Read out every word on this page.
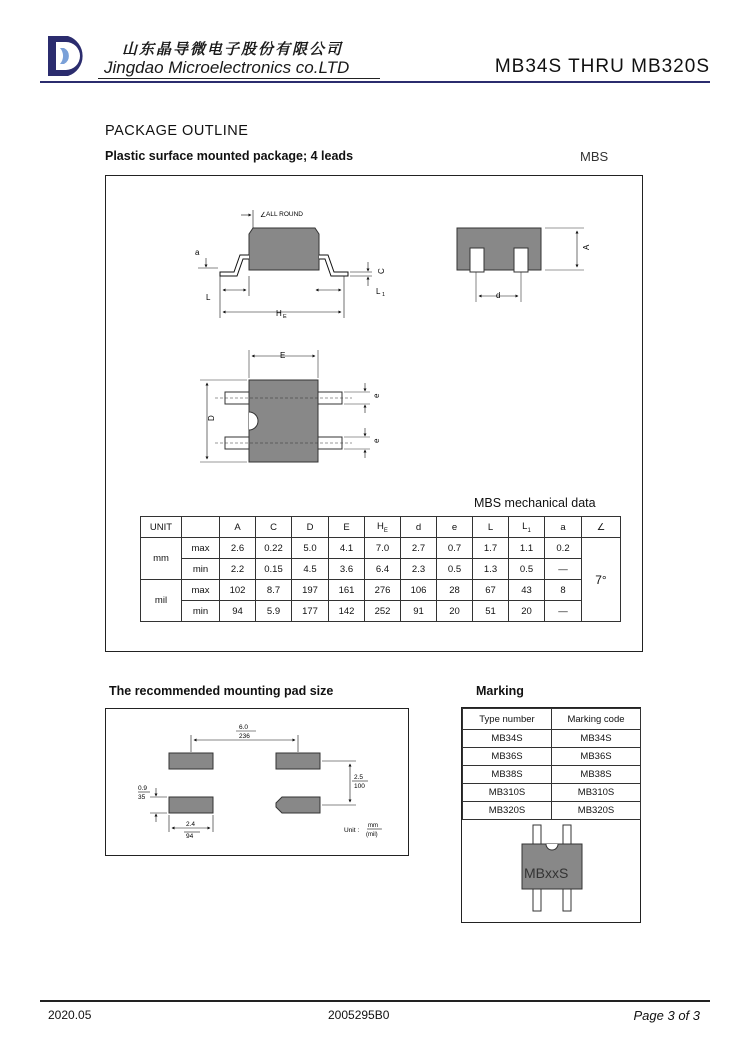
山东晶导微电子股份有限公司
Jingdao Microelectronics co.LTD	MB34S THRU MB320S
PACKAGE OUTLINE
Plastic surface mounted package; 4 leads	MBS
ALL ROUND
∠
a
L
C
L 1
H E
A
d
E
D
e
e
MBS mechanical data
UNIT		A	C	D	E	$H_E$	d	e	L	$L_1$	a	∠
mm	max	2.6	0.22	5.0	4.1	7.0	2.7	0.7	1.7	1.1	0.2	7°
	min	2.2	0.15	4.5	3.6	6.4	2.3	0.5	1.3	0.5	—	
mil	max	102	8.7	197	161	276	106	28	67	43	8	
	min	94	5.9	177	142	252	91	20	51	20	—	
The recommended mounting pad size
6.0
236
2.5
100
0.9
35
2.4
94
Unit :
mm
(mil)
Marking
Type number	Marking code
MB34S	MB34S
MB36S	MB36S
MB38S	MB38S
MB310S	MB310S
MB320S	MB320S
MBxxS
2020.05	2005295B0	Page 3 of 3
